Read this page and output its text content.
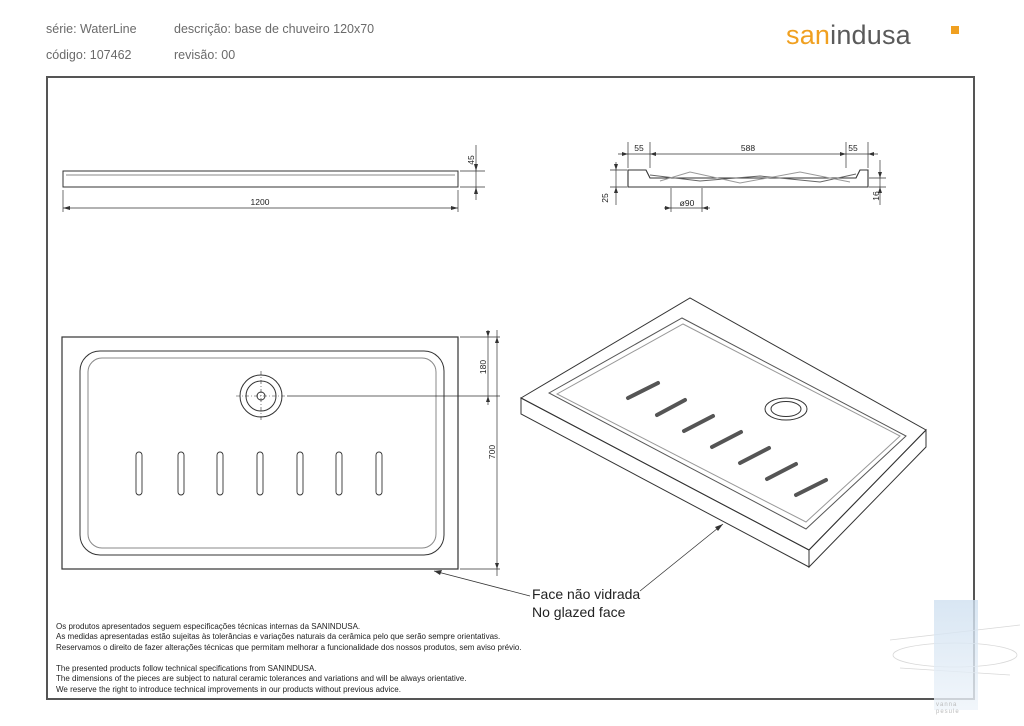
série: WaterLine
código: 107462
descrição: base de chuveiro 120x70
revisão: 00
sanindusa
1200
45
55	588	55
25	16
ø90
180
700
Face não vidrada
No glazed face
Os produtos apresentados seguem especificações técnicas internas da SANINDUSA.
As medidas apresentadas estão sujeitas às tolerâncias e variações naturais da cerâmica pelo que serão sempre orientativas.
Reservamos o direito de fazer alterações técnicas que permitam melhorar a funcionalidade dos nossos produtos, sem aviso prévio.
The presented products follow technical specifications from SANINDUSA.
The dimensions of the pieces are subject to natural ceramic tolerances and variations and will be always orientative.
We reserve the right to introduce technical improvements in our products without previous advice.
vanna
pesule
